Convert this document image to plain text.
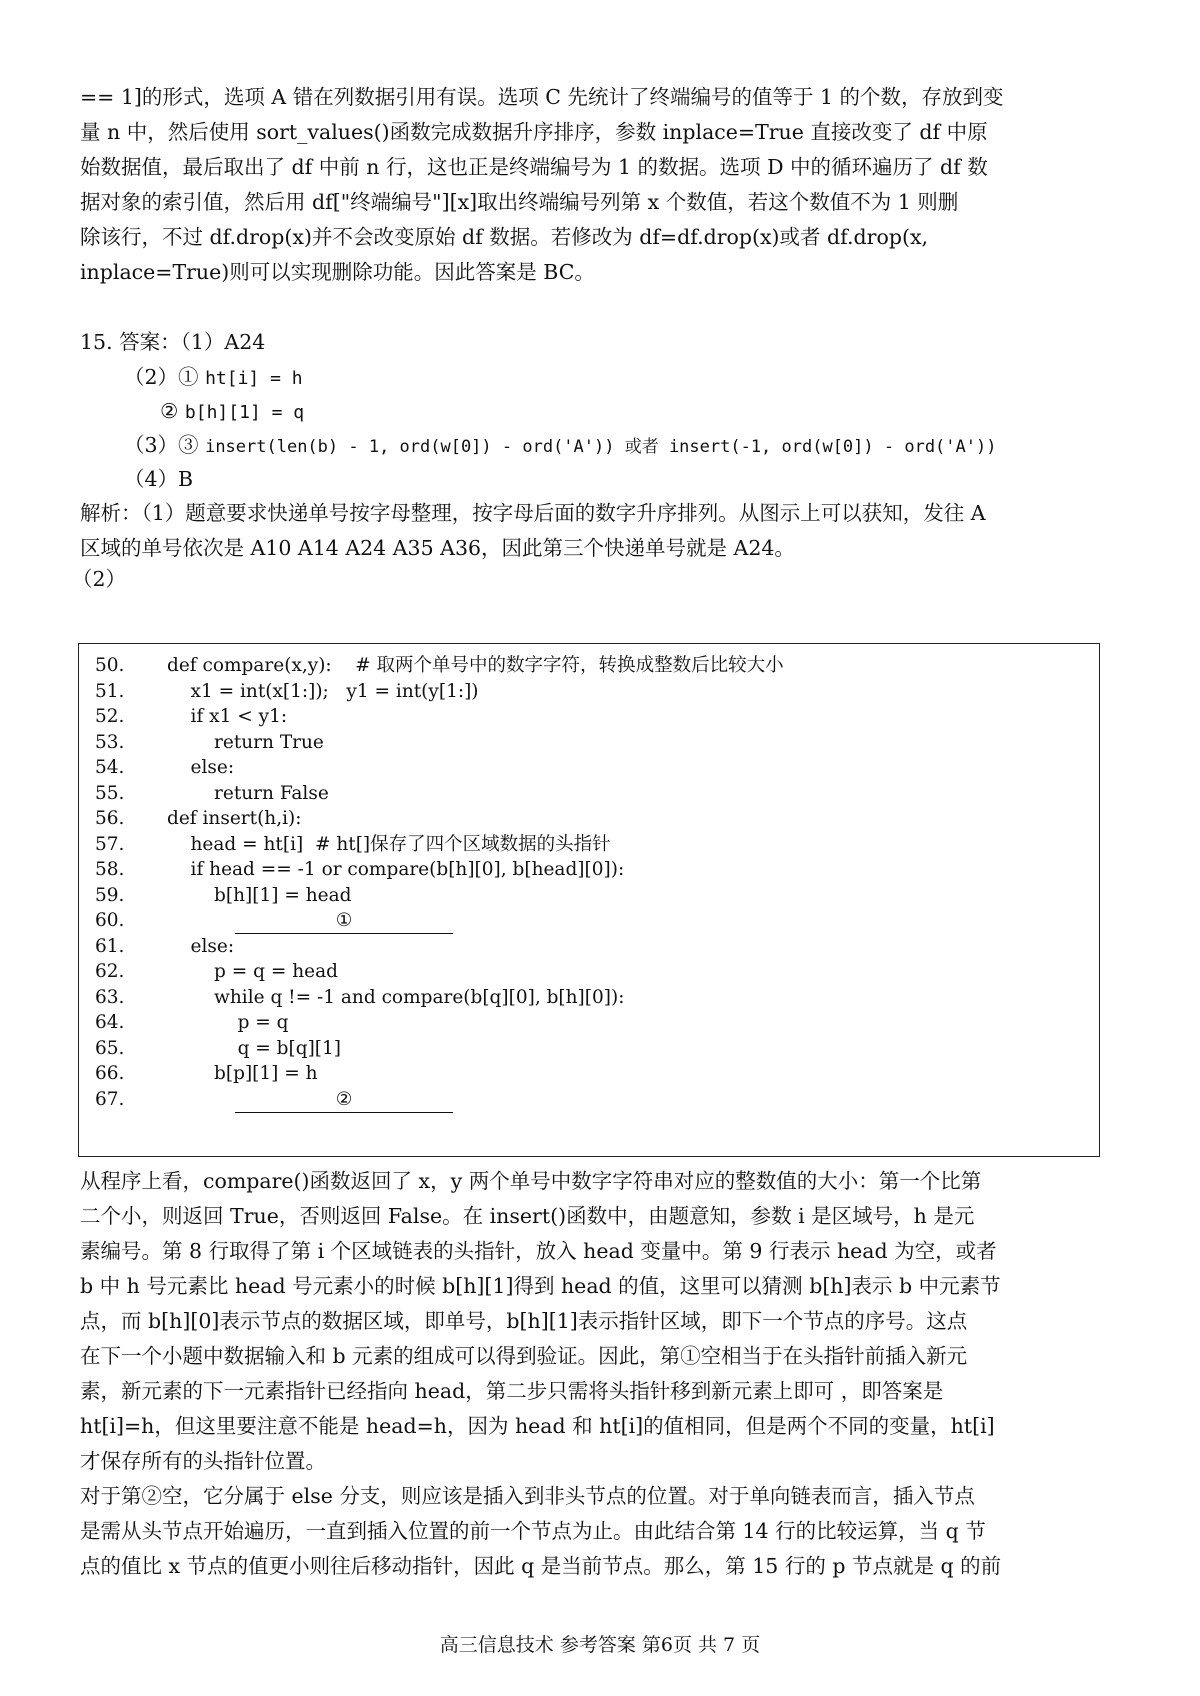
== 1]的形式，选项 A 错在列数据引用有误。选项 C 先统计了终端编号的值等于 1 的个数，存放到变
量 n 中，然后使用 sort_values()函数完成数据升序排序，参数 inplace=True 直接改变了 df 中原
始数据值，最后取出了 df 中前 n 行，这也正是终端编号为 1 的数据。选项 D 中的循环遍历了 df 数
据对象的索引值，然后用 df["终端编号"][x]取出终端编号列第 x 个数值，若这个数值不为 1 则删
除该行，不过 df.drop(x)并不会改变原始 df 数据。若修改为 df=df.drop(x)或者 df.drop(x,
inplace=True)则可以实现删除功能。因此答案是 BC。
15. 答案：（1）A24
（2）① ht[i] = h
② b[h][1] = q
（3）③ insert(len(b) - 1, ord(w[0]) - ord('A')) 或者 insert(-1, ord(w[0]) - ord('A'))
（4）B
解析：（1）题意要求快递单号按字母整理，按字母后面的数字升序排列。从图示上可以获知，发往 A
区域的单号依次是 A10 A14 A24 A35 A36，因此第三个快递单号就是 A24。
（2）
50.	def compare(x,y):    # 取两个单号中的数字字符，转换成整数后比较大小
51.	x1 = int(x[1:]);   y1 = int(y[1:])
52.	if x1 < y1:
53.	return True
54.	else:
55.	return False
56.	def insert(h,i):
57.	head = ht[i]  # ht[]保存了四个区域数据的头指针
58.	if head == -1 or compare(b[h][0], b[head][0]):
59.	b[h][1] = head
60.	①
61.	else:
62.	p = q = head
63.	while q != -1 and compare(b[q][0], b[h][0]):
64.	p = q
65.	q = b[q][1]
66.	b[p][1] = h
67.	②
从程序上看，compare()函数返回了 x，y 两个单号中数字字符串对应的整数值的大小：第一个比第
二个小，则返回 True，否则返回 False。在 insert()函数中，由题意知，参数 i 是区域号，h 是元
素编号。第 8 行取得了第 i 个区域链表的头指针，放入 head 变量中。第 9 行表示 head 为空，或者
b 中 h 号元素比 head 号元素小的时候 b[h][1]得到 head 的值，这里可以猜测 b[h]表示 b 中元素节
点，而 b[h][0]表示节点的数据区域，即单号，b[h][1]表示指针区域，即下一个节点的序号。这点
在下一个小题中数据输入和 b 元素的组成可以得到验证。因此，第①空相当于在头指针前插入新元
素，新元素的下一元素指针已经指向 head，第二步只需将头指针移到新元素上即可 ，即答案是
ht[i]=h，但这里要注意不能是 head=h，因为 head 和 ht[i]的值相同，但是两个不同的变量，ht[i]
才保存所有的头指针位置。
对于第②空，它分属于 else 分支，则应该是插入到非头节点的位置。对于单向链表而言，插入节点
是需从头节点开始遍历，一直到插入位置的前一个节点为止。由此结合第 14 行的比较运算，当 q 节
点的值比 x 节点的值更小则往后移动指针，因此 q 是当前节点。那么，第 15 行的 p 节点就是 q 的前
高三信息技术 参考答案 第6页 共 7 页
